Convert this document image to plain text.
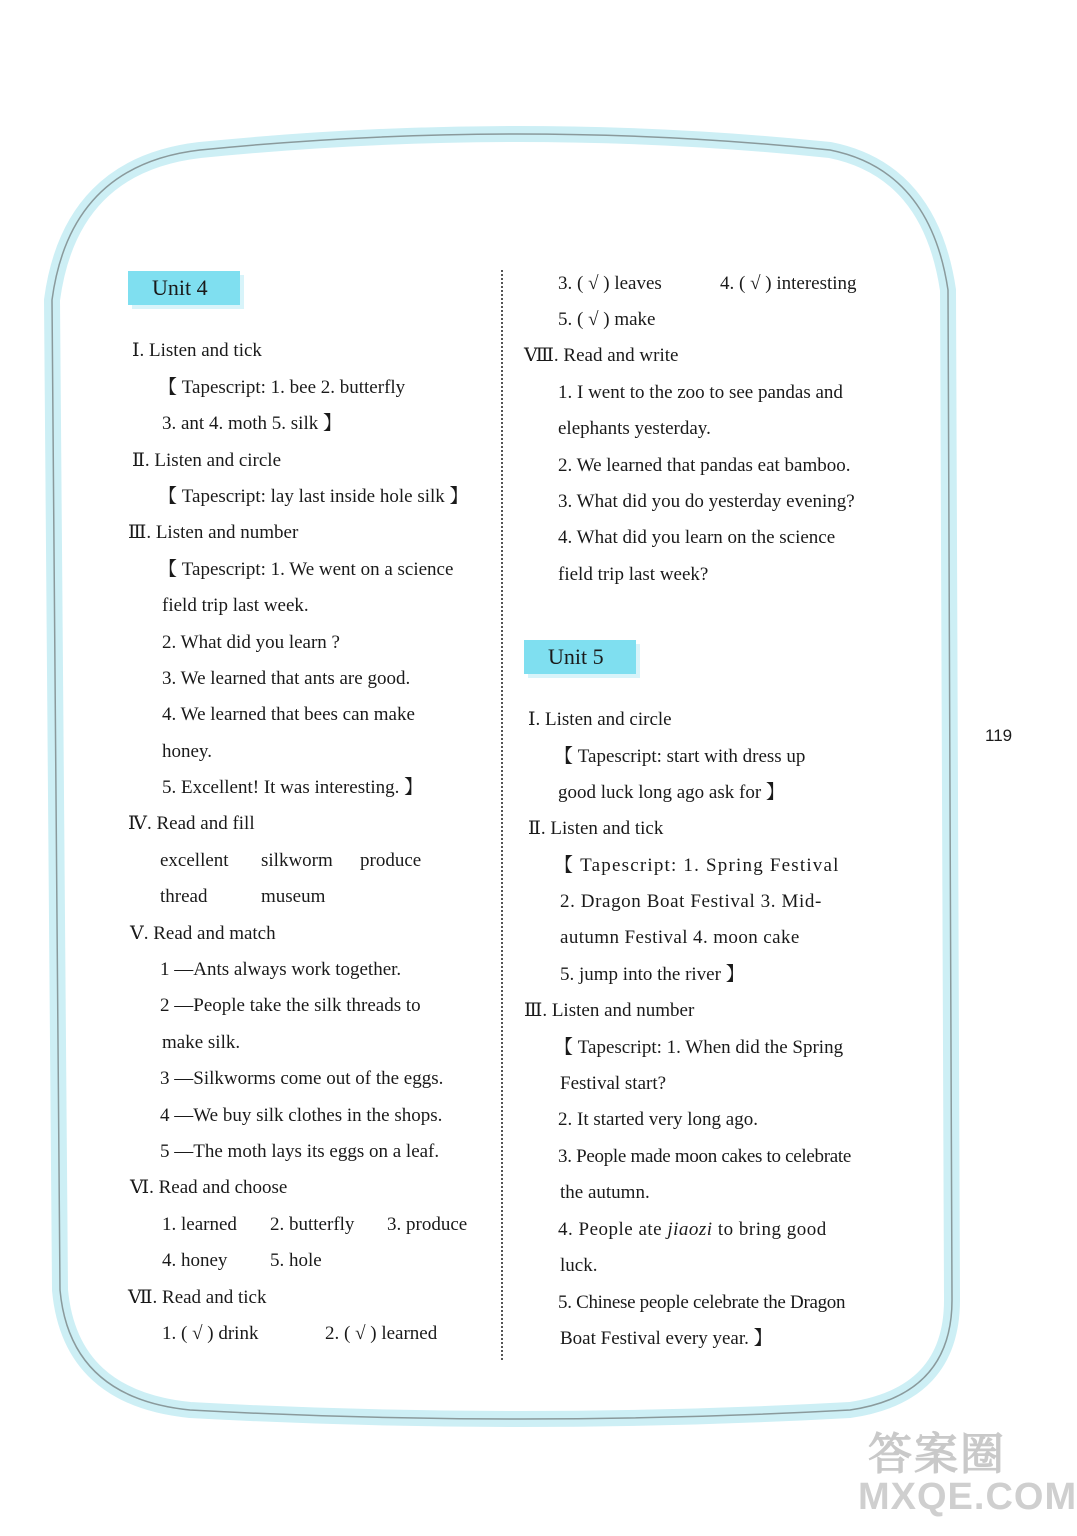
Unit 4
Ⅰ. Listen and tick
【 Tapescript: 1. bee 2. butterfly
3. ant 4. moth 5. silk 】
Ⅱ. Listen and circle
【 Tapescript: lay last inside hole silk 】
Ⅲ. Listen and number
【 Tapescript: 1. We went on a science
field trip last week.
2. What did you learn ?
3. We learned that ants are good.
4. We learned that bees can make
honey.
5. Excellent! It was interesting. 】
Ⅳ. Read and fill
excellent silkworm produce
thread	museum
Ⅴ. Read and match
1 —Ants always work together.
2 —People take the silk threads to
make silk.
3 —Silkworms come out of the eggs.
4 —We buy silk clothes in the shops.
5 —The moth lays its eggs on a leaf.
Ⅵ. Read and choose
1. learned 2. butterfly 3. produce
4. honey 5. hole
Ⅶ. Read and tick
1. ( √ ) drink	2. ( √ ) learned
3. ( √ ) leaves	4. ( √ ) interesting
5. ( √ ) make
Ⅷ. Read and write
1. I went to the zoo to see pandas and
elephants yesterday.
2. We learned that pandas eat bamboo.
3. What did you do yesterday evening?
4. What did you learn on the science
field trip last week?
Unit 5
Ⅰ. Listen and circle
【 Tapescript: start with dress up
good luck long ago ask for 】
Ⅱ. Listen and tick
【 Tapescript: 1. Spring Festival
2. Dragon Boat Festival 3. Mid-
autumn Festival 4. moon cake
5. jump into the river 】
Ⅲ. Listen and number
【 Tapescript: 1. When did the Spring
Festival start?
2. It started very long ago.
3. People made moon cakes to celebrate
the autumn.
4. People ate jiaozi to bring good
luck.
5. Chinese people celebrate the Dragon
Boat Festival every year. 】
119
答案圈
MXQE.COM
